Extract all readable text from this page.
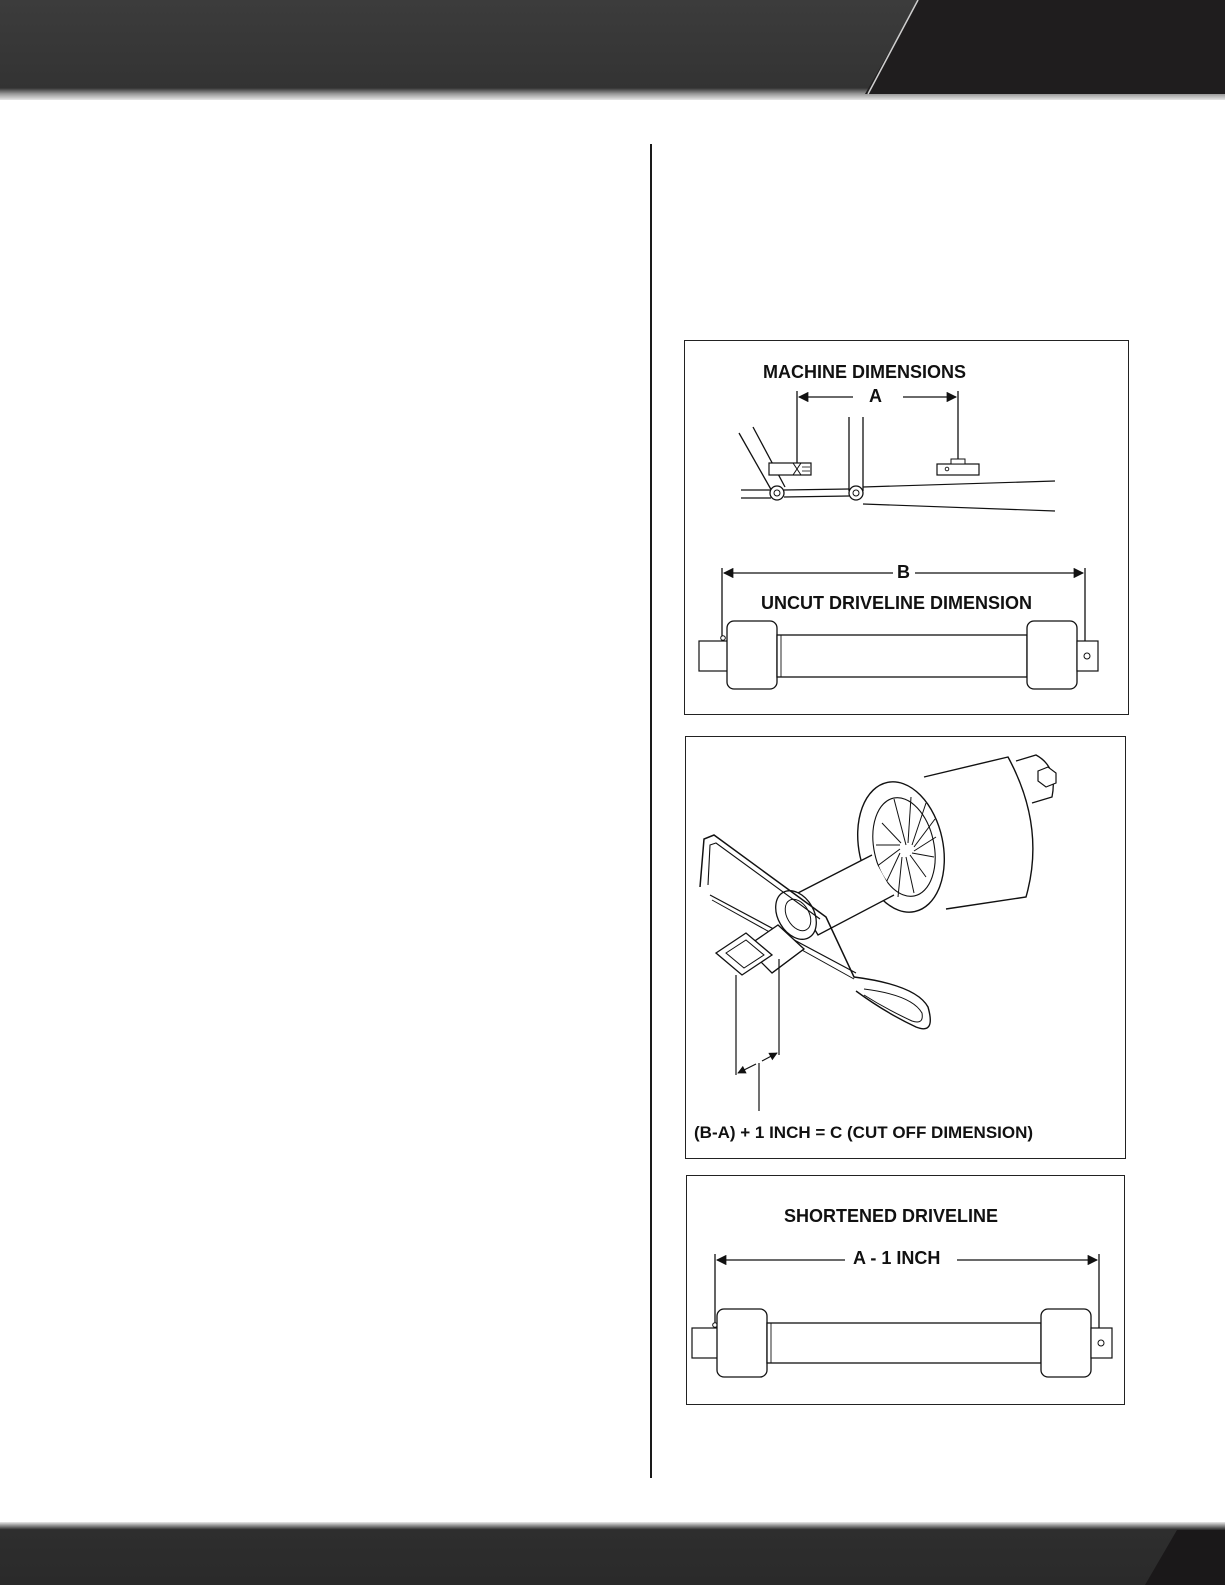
MACHINE DIMENSIONS
A
B
UNCUT DRIVELINE DIMENSION
(B-A) + 1 INCH = C (CUT OFF DIMENSION)
SHORTENED DRIVELINE
A - 1 INCH
